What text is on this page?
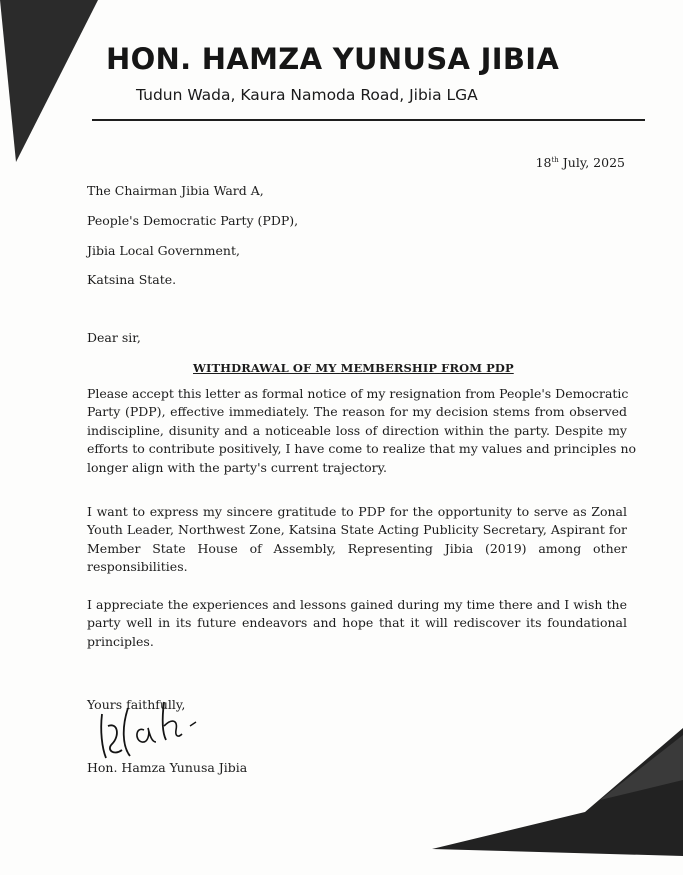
HON. HAMZA YUNUSA JIBIA
Tudun Wada, Kaura Namoda Road, Jibia LGA
18th July, 2025
The Chairman Jibia Ward A,
People's Democratic Party (PDP),
Jibia Local Government,
Katsina State.
Dear sir,
WITHDRAWAL OF MY MEMBERSHIP FROM PDP
Please accept this letter as formal notice of my resignation from People's Democratic
Party (PDP), effective immediately. The reason for my decision stems from observed
indiscipline, disunity and a noticeable loss of direction within the party. Despite my
efforts to contribute positively, I have come to realize that my values and principles no
longer align with the party's current trajectory.
I want to express my sincere gratitude to PDP for the opportunity to serve as Zonal
Youth Leader, Northwest Zone, Katsina State Acting Publicity Secretary, Aspirant for
Member State House of Assembly, Representing Jibia (2019) among other
responsibilities.
I appreciate the experiences and lessons gained during my time there and I wish the
party well in its future endeavors and hope that it will rediscover its foundational
principles.
Yours faithfully,
Hon. Hamza Yunusa Jibia
